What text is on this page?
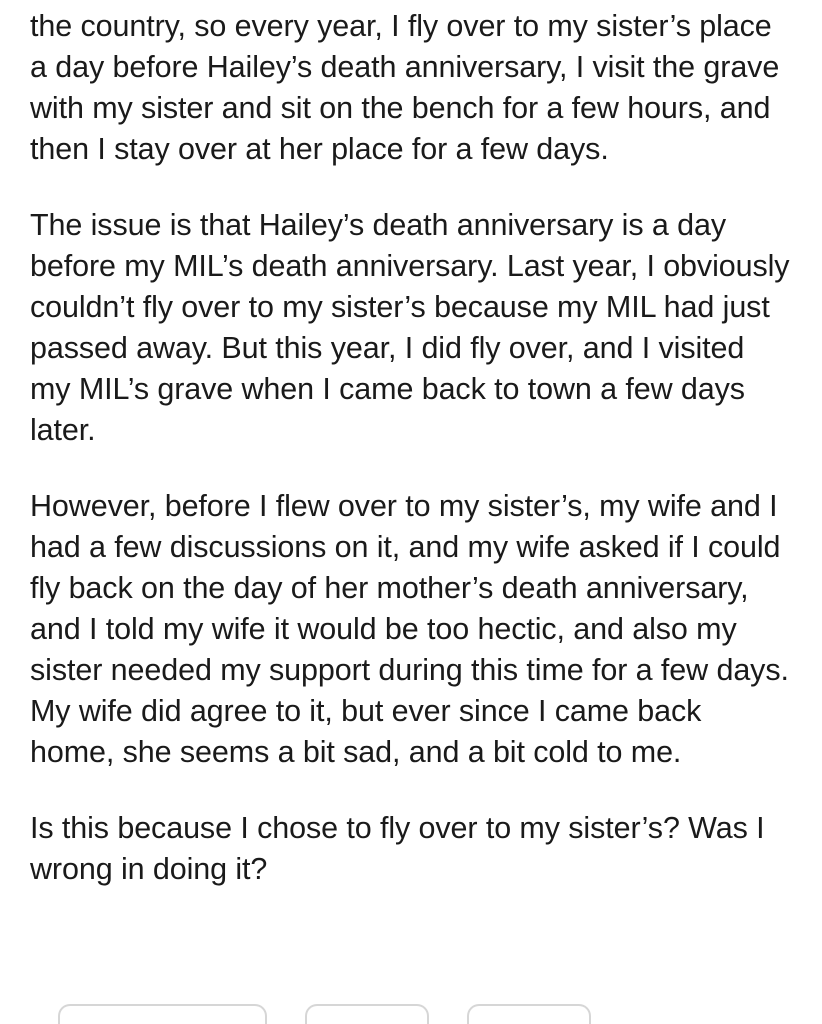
the country, so every year, I fly over to my sister’s place a day before Hailey’s death anniversary, I visit the grave with my sister and sit on the bench for a few hours, and then I stay over at her place for a few days.

The issue is that Hailey’s death anniversary is a day before my MIL’s death anniversary. Last year, I obviously couldn’t fly over to my sister’s because my MIL had just passed away. But this year, I did fly over, and I visited my MIL’s grave when I came back to town a few days later.

However, before I flew over to my sister’s, my wife and I had a few discussions on it, and my wife asked if I could fly back on the day of her mother’s death anniversary, and I told my wife it would be too hectic, and also my sister needed my support during this time for a few days. My wife did agree to it, but ever since I came back home, she seems a bit sad, and a bit cold to me.

Is this because I chose to fly over to my sister’s? Was I wrong in doing it?
